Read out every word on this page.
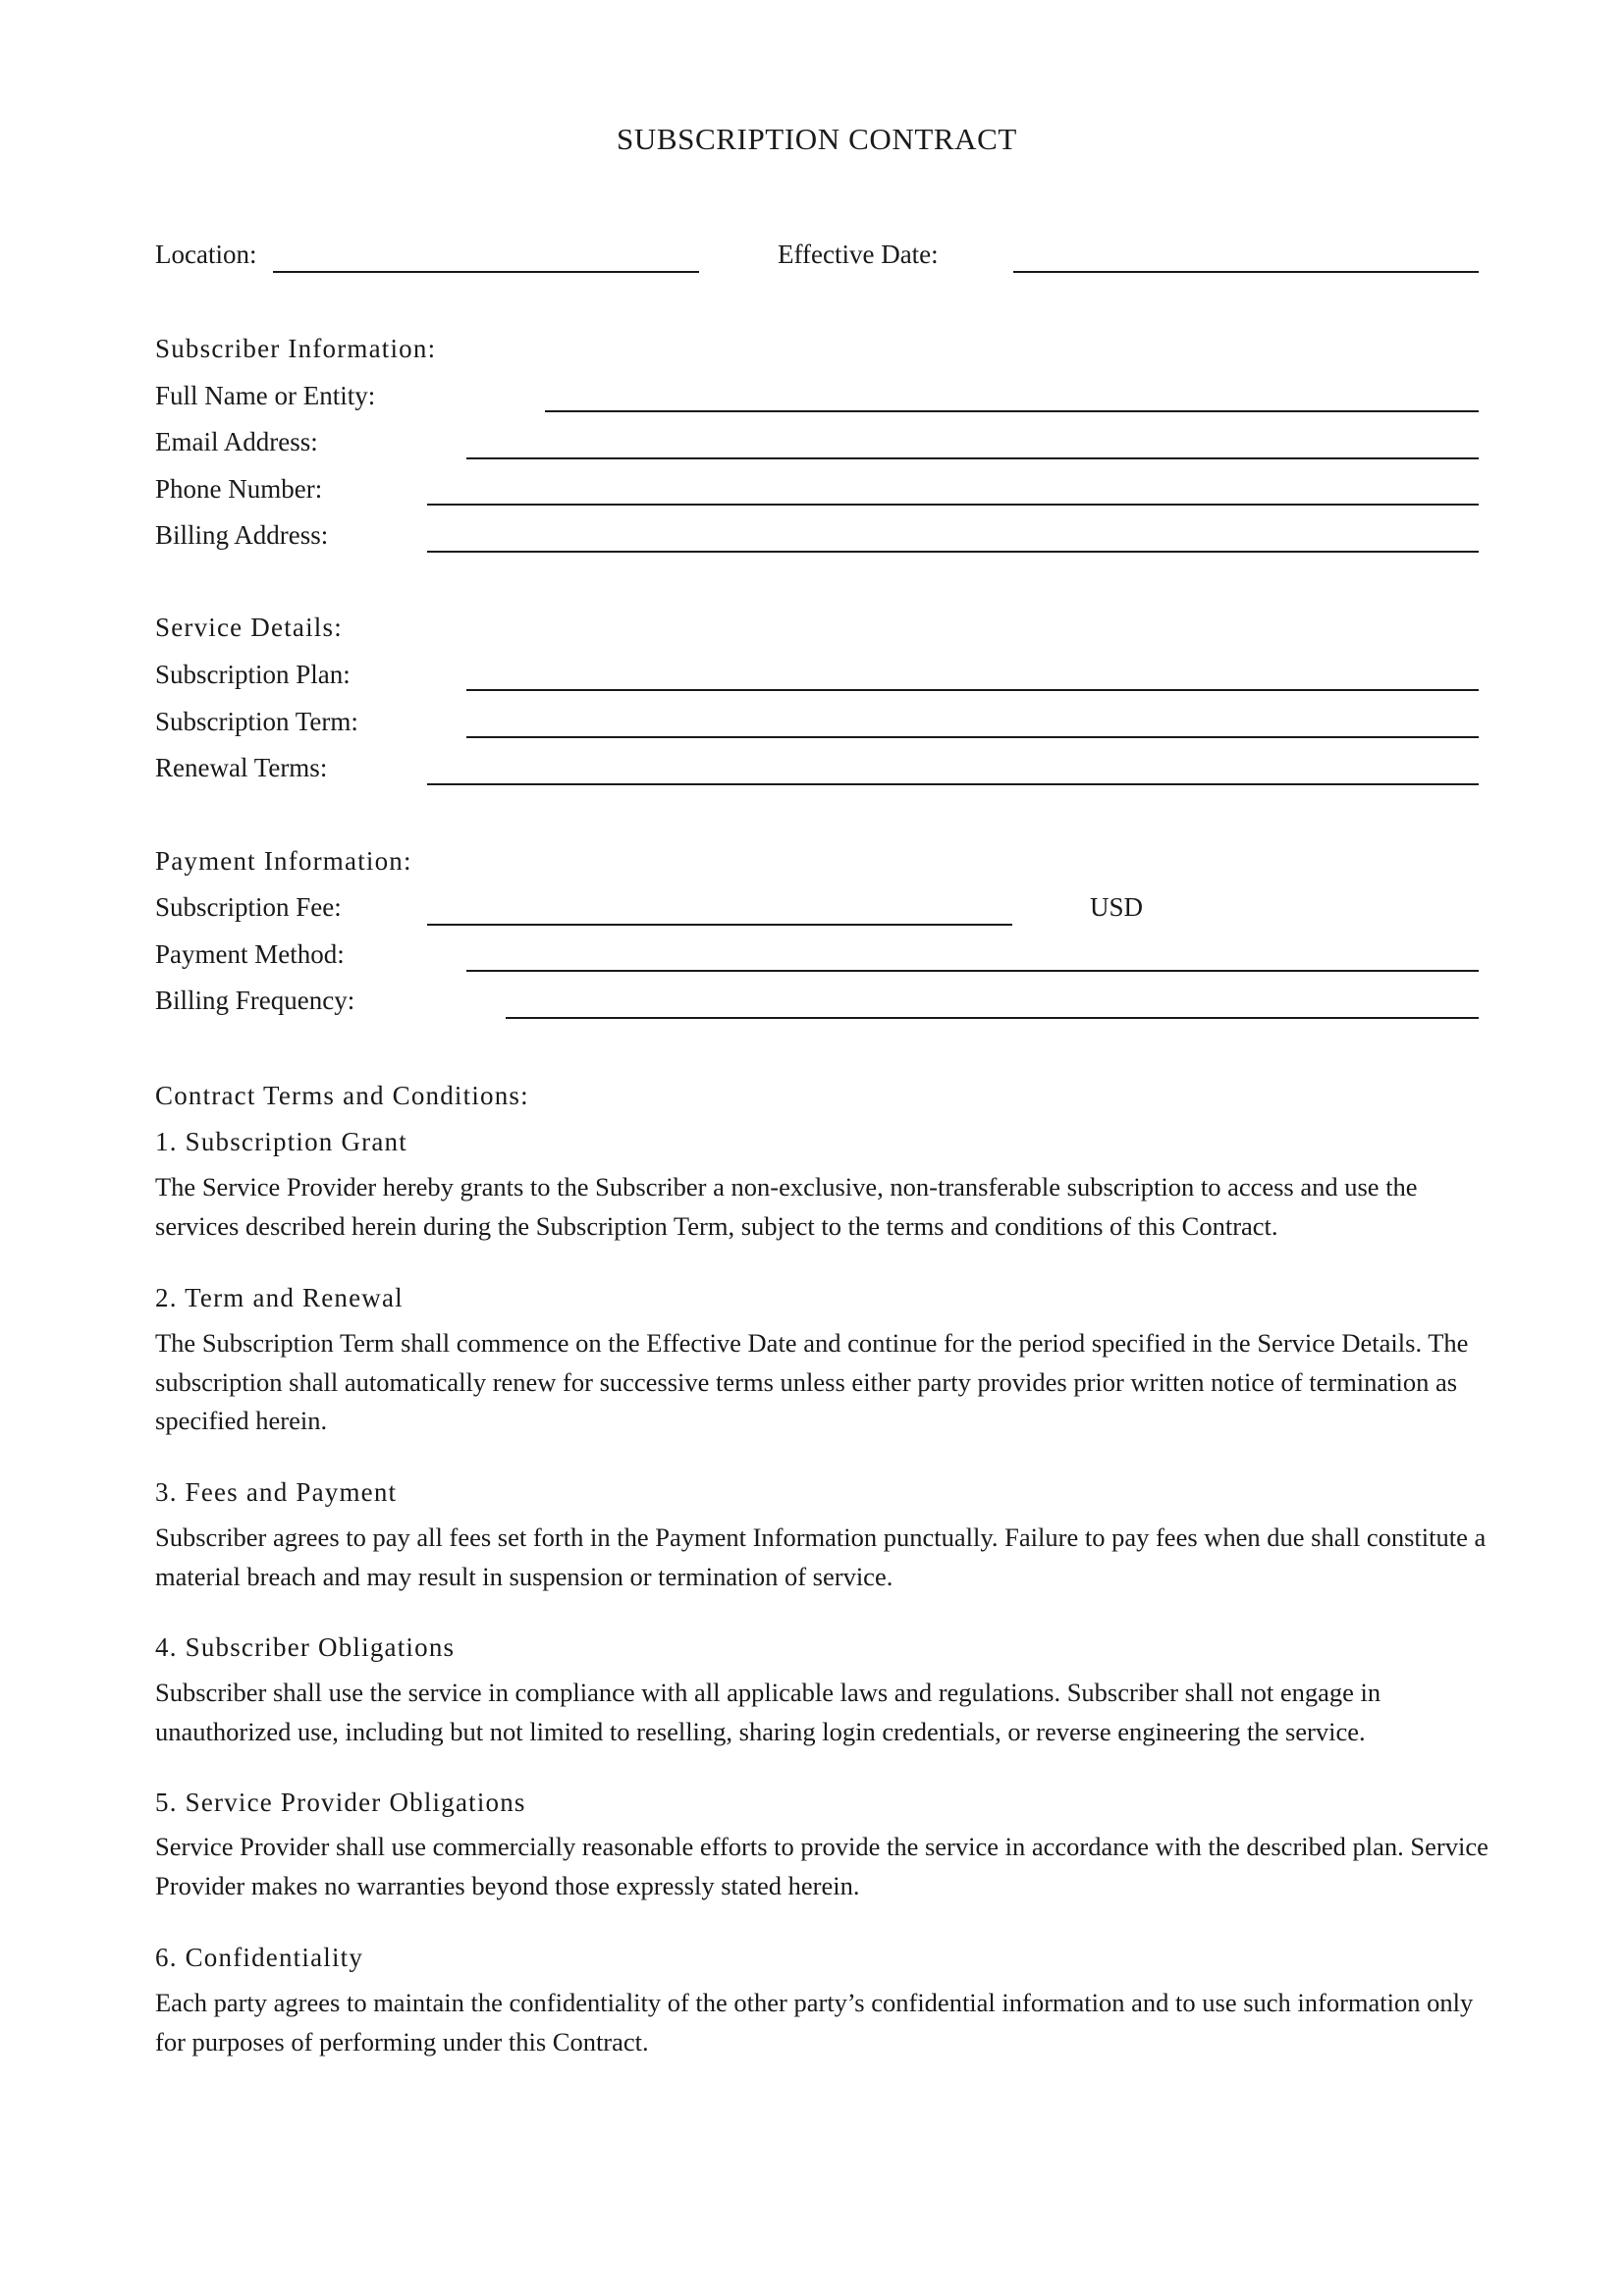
SUBSCRIPTION CONTRACT
Location:	Effective Date:
Subscriber Information:
Full Name or Entity:
Email Address:
Phone Number:
Billing Address:
Service Details:
Subscription Plan:
Subscription Term:
Renewal Terms:
Payment Information:
Subscription Fee:	USD
Payment Method:
Billing Frequency:
Contract Terms and Conditions:
1. Subscription Grant
The Service Provider hereby grants to the Subscriber a non-exclusive, non-transferable subscription to access and use the services described herein during the Subscription Term, subject to the terms and conditions of this Contract.
2. Term and Renewal
The Subscription Term shall commence on the Effective Date and continue for the period specified in the Service Details. The subscription shall automatically renew for successive terms unless either party provides prior written notice of termination as specified herein.
3. Fees and Payment
Subscriber agrees to pay all fees set forth in the Payment Information punctually. Failure to pay fees when due shall constitute a material breach and may result in suspension or termination of service.
4. Subscriber Obligations
Subscriber shall use the service in compliance with all applicable laws and regulations. Subscriber shall not engage in unauthorized use, including but not limited to reselling, sharing login credentials, or reverse engineering the service.
5. Service Provider Obligations
Service Provider shall use commercially reasonable efforts to provide the service in accordance with the described plan. Service Provider makes no warranties beyond those expressly stated herein.
6. Confidentiality
Each party agrees to maintain the confidentiality of the other party’s confidential information and to use such information only for purposes of performing under this Contract.
